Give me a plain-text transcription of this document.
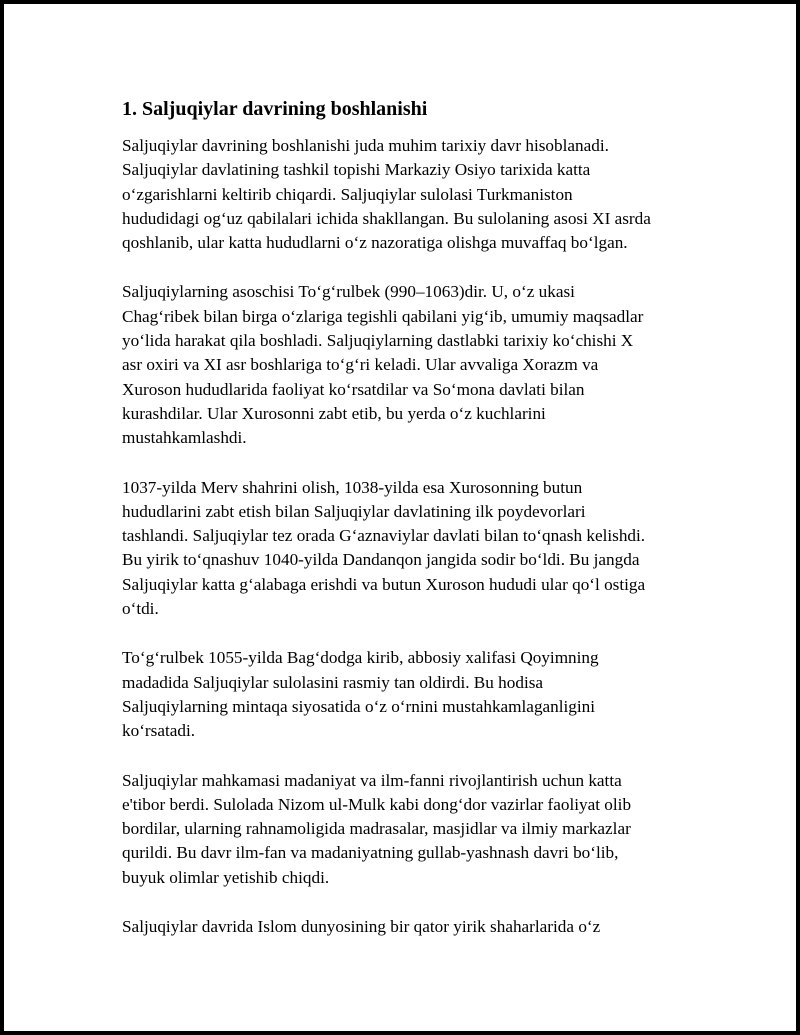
1. Saljuqiylar davrining boshlanishi

Saljuqiylar davrining boshlanishi juda muhim tarixiy davr hisoblanadi.
Saljuqiylar davlatining tashkil topishi Markaziy Osiyo tarixida katta
o‘zgarishlarni keltirib chiqardi. Saljuqiylar sulolasi Turkmaniston
hududidagi og‘uz qabilalari ichida shakllangan. Bu sulolaning asosi XI asrda
qoshlanib, ular katta hududlarni o‘z nazoratiga olishga muvaffaq bo‘lgan.

Saljuqiylarning asoschisi To‘g‘rulbek (990–1063)dir. U, o‘z ukasi
Chag‘ribek bilan birga o‘zlariga tegishli qabilani yig‘ib, umumiy maqsadlar
yo‘lida harakat qila boshladi. Saljuqiylarning dastlabki tarixiy ko‘chishi X
asr oxiri va XI asr boshlariga to‘g‘ri keladi. Ular avvaliga Xorazm va
Xuroson hududlarida faoliyat ko‘rsatdilar va So‘mona davlati bilan
kurashdilar. Ular Xurosonni zabt etib, bu yerda o‘z kuchlarini
mustahkamlashdi.

1037-yilda Merv shahrini olish, 1038-yilda esa Xurosonning butun
hududlarini zabt etish bilan Saljuqiylar davlatining ilk poydevorlari
tashlandi. Saljuqiylar tez orada G‘aznaviylar davlati bilan to‘qnash kelishdi.
Bu yirik to‘qnashuv 1040-yilda Dandanqon jangida sodir bo‘ldi. Bu jangda
Saljuqiylar katta g‘alabaga erishdi va butun Xuroson hududi ular qo‘l ostiga
o‘tdi.

To‘g‘rulbek 1055-yilda Bag‘dodga kirib, abbosiy xalifasi Qoyimning
madadida Saljuqiylar sulolasini rasmiy tan oldirdi. Bu hodisa
Saljuqiylarning mintaqa siyosatida o‘z o‘rnini mustahkamlaganligini
ko‘rsatadi.

Saljuqiylar mahkamasi madaniyat va ilm-fanni rivojlantirish uchun katta
e'tibor berdi. Sulolada Nizom ul-Mulk kabi dong‘dor vazirlar faoliyat olib
bordilar, ularning rahnamoligida madrasalar, masjidlar va ilmiy markazlar
qurildi. Bu davr ilm-fan va madaniyatning gullab-yashnash davri bo‘lib,
buyuk olimlar yetishib chiqdi.

Saljuqiylar davrida Islom dunyosining bir qator yirik shaharlarida o‘z
